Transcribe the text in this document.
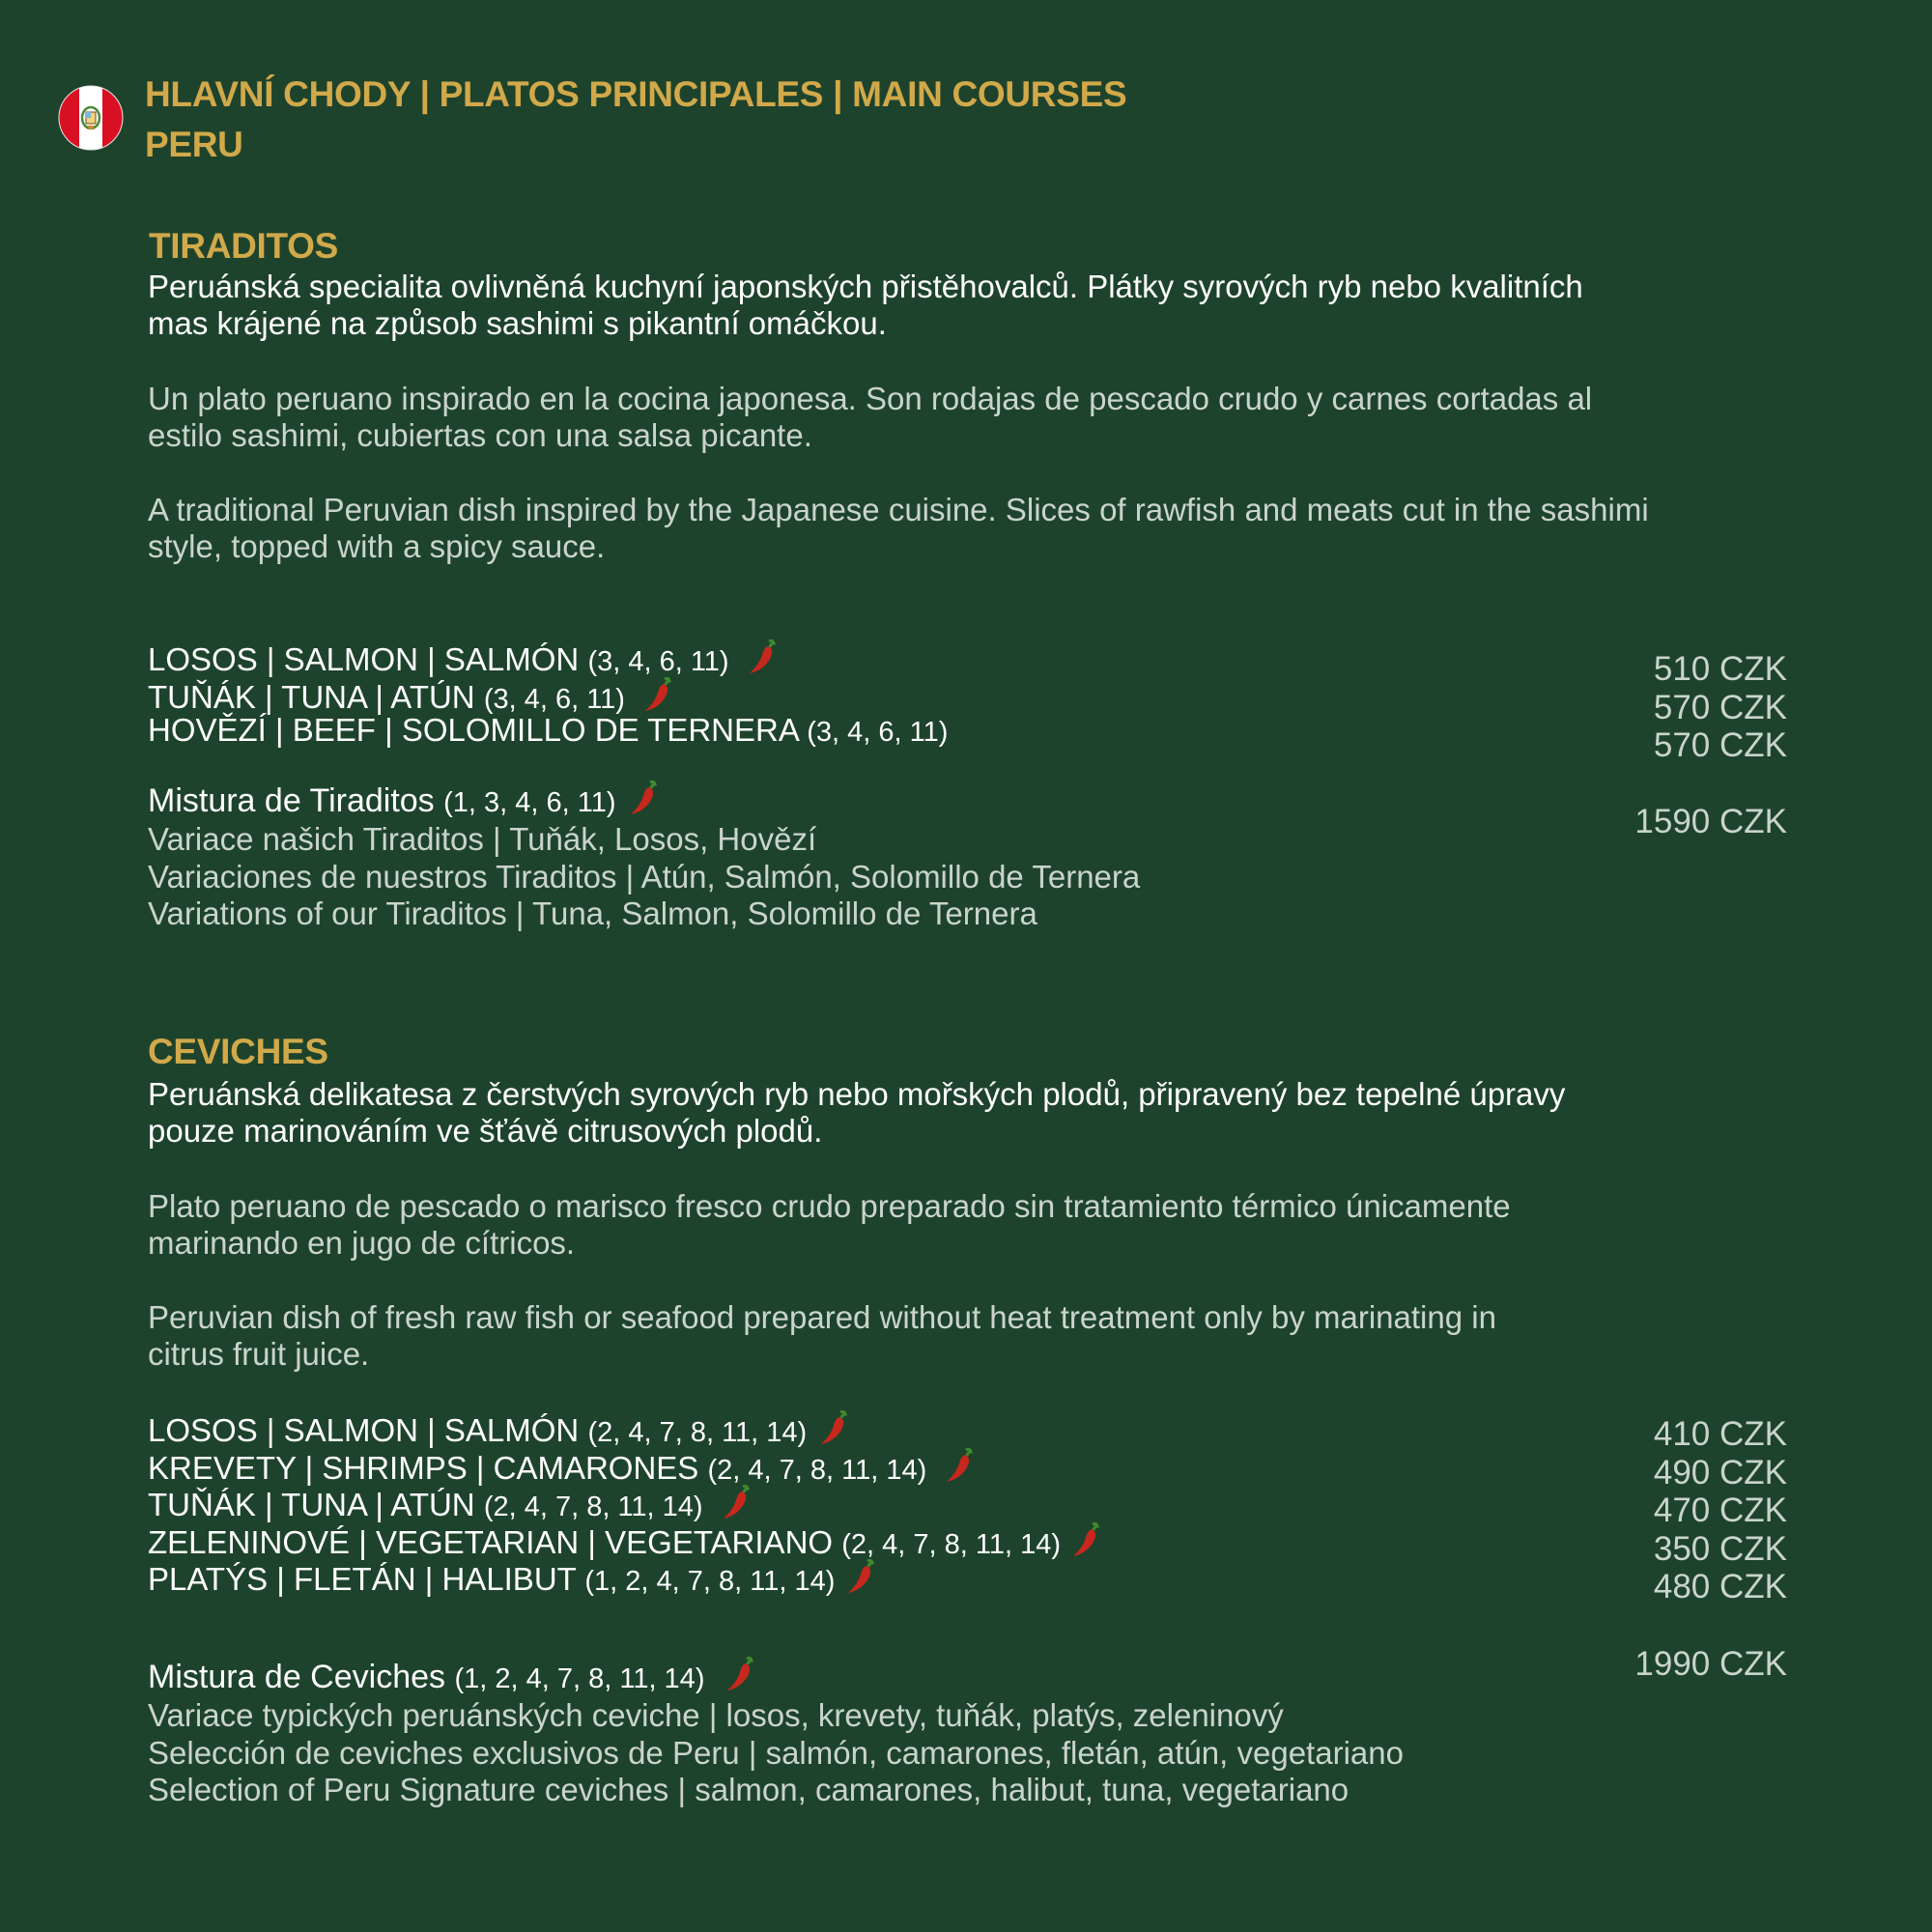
HLAVNÍ CHODY | PLATOS PRINCIPALES | MAIN COURSES
PERU
TIRADITOS
Peruánská specialita ovlivněná kuchyní japonských přistěhovalců. Plátky syrových ryb nebo kvalitních mas krájené na způsob sashimi s pikantní omáčkou.
Un plato peruano inspirado en la cocina japonesa. Son rodajas de pescado crudo y carnes cortadas al estilo sashimi, cubiertas con una salsa picante.
A traditional Peruvian dish inspired by the Japanese cuisine. Slices of rawfish and meats cut in the sashimi style, topped with a spicy sauce.
LOSOS | SALMON | SALMÓN (3, 4, 6, 11)
TUŇÁK | TUNA | ATÚN (3, 4, 6, 11)
HOVĚZÍ | BEEF | SOLOMILLO DE TERNERA (3, 4, 6, 11)
510 CZK
570 CZK
570 CZK
Mistura de Tiraditos (1, 3, 4, 6, 11)
Variace našich Tiraditos | Tuňák, Losos, Hovězí
Variaciones de nuestros Tiraditos | Atún, Salmón, Solomillo de Ternera
Variations of our Tiraditos | Tuna, Salmon, Solomillo de Ternera
1590 CZK
CEVICHES
Peruánská delikatesa z čerstvých syrových ryb nebo mořských plodů, připravený bez tepelné úpravy pouze marinováním ve šťávě citrusových plodů.
Plato peruano de pescado o marisco fresco crudo preparado sin tratamiento térmico únicamente marinando en jugo de cítricos.
Peruvian dish of fresh raw fish or seafood prepared without heat treatment only by marinating in citrus fruit juice.
LOSOS | SALMON | SALMÓN (2, 4, 7, 8, 11, 14)
KREVETY | SHRIMPS | CAMARONES (2, 4, 7, 8, 11, 14)
TUŇÁK | TUNA | ATÚN (2, 4, 7, 8, 11, 14)
ZELENINOVÉ | VEGETARIAN | VEGETARIANO (2, 4, 7, 8, 11, 14)
PLATÝS | FLETÁN | HALIBUT (1, 2, 4, 7, 8, 11, 14)
410 CZK
490 CZK
470 CZK
350 CZK
480 CZK
Mistura de Ceviches (1, 2, 4, 7, 8, 11, 14)
Variace typických peruánských ceviche | losos, krevety, tuňák, platýs, zeleninový
Selección de ceviches exclusivos de Peru | salmón, camarones, fletán, atún, vegetariano
Selection of Peru Signature ceviches | salmon, camarones, halibut, tuna, vegetariano
1990 CZK
